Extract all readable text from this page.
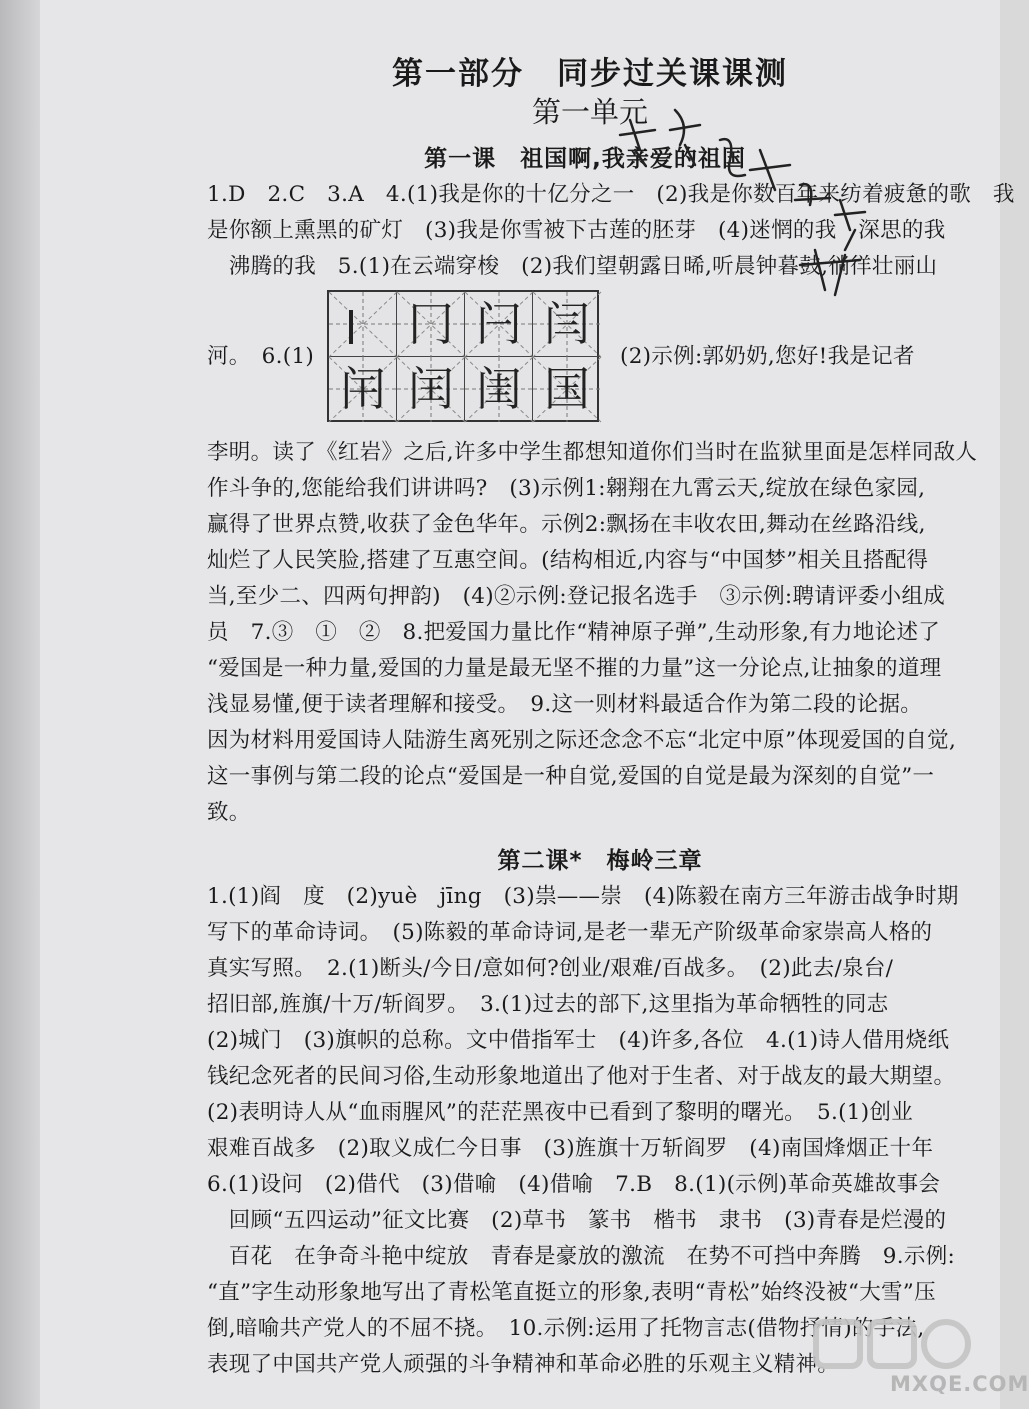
第一部分　同步过关课课测
第一单元
第一课　祖国啊,我亲爱的祖国
1.D　2.C　3.A　4.(1)我是你的十亿分之一　(2)我是你数百年来纺着疲惫的歌　我
是你额上熏黑的矿灯　(3)我是你雪被下古莲的胚芽　(4)迷惘的我　深思的我
　沸腾的我　5.(1)在云端穿梭　(2)我们望朝露日晞,听晨钟暮鼓,徜徉壮丽山
河。　6.(1)	(2)示例:郭奶奶,您好!我是记者
李明。读了《红岩》之后,许多中学生都想知道你们当时在监狱里面是怎样同敌人
作斗争的,您能给我们讲讲吗?　(3)示例1:翱翔在九霄云天,绽放在绿色家园,
赢得了世界点赞,收获了金色华年。示例2:飘扬在丰收农田,舞动在丝路沿线,
灿烂了人民笑脸,搭建了互惠空间。(结构相近,内容与“中国梦”相关且搭配得
当,至少二、四两句押韵)　(4)②示例:登记报名选手　③示例:聘请评委小组成
员　7.③　①　②　8.把爱国力量比作“精神原子弹”,生动形象,有力地论述了
“爱国是一种力量,爱国的力量是最无坚不摧的力量”这一分论点,让抽象的道理
浅显易懂,便于读者理解和接受。　9.这一则材料最适合作为第二段的论据。
因为材料用爱国诗人陆游生离死别之际还念念不忘“北定中原”体现爱国的自觉,
这一事例与第二段的论点“爱国是一种自觉,爱国的自觉是最为深刻的自觉”一
致。
冂 闩 闫
闬 闰 闺 国
第二课*　梅岭三章
1.(1)阎　度　(2)yuè　jīng　(3)祟——崇　(4)陈毅在南方三年游击战争时期
写下的革命诗词。　(5)陈毅的革命诗词,是老一辈无产阶级革命家崇高人格的
真实写照。　2.(1)断头/今日/意如何?创业/艰难/百战多。　(2)此去/泉台/
招旧部,旌旗/十万/斩阎罗。　3.(1)过去的部下,这里指为革命牺牲的同志
(2)城门　(3)旗帜的总称。文中借指军士　(4)许多,各位　4.(1)诗人借用烧纸
钱纪念死者的民间习俗,生动形象地道出了他对于生者、对于战友的最大期望。
(2)表明诗人从“血雨腥风”的茫茫黑夜中已看到了黎明的曙光。　5.(1)创业
艰难百战多　(2)取义成仁今日事　(3)旌旗十万斩阎罗　(4)南国烽烟正十年
6.(1)设问　(2)借代　(3)借喻　(4)借喻　7.B　8.(1)(示例)革命英雄故事会
　回顾“五四运动”征文比赛　(2)草书　篆书　楷书　隶书　(3)青春是烂漫的
　百花　在争奇斗艳中绽放　青春是豪放的激流　在势不可挡中奔腾　9.示例:
“直”字生动形象地写出了青松笔直挺立的形象,表明“青松”始终没被“大雪”压
倒,暗喻共产党人的不屈不挠。　10.示例:运用了托物言志(借物抒情)的手法,
表现了中国共产党人顽强的斗争精神和革命必胜的乐观主义精神。
MXQE.COM
